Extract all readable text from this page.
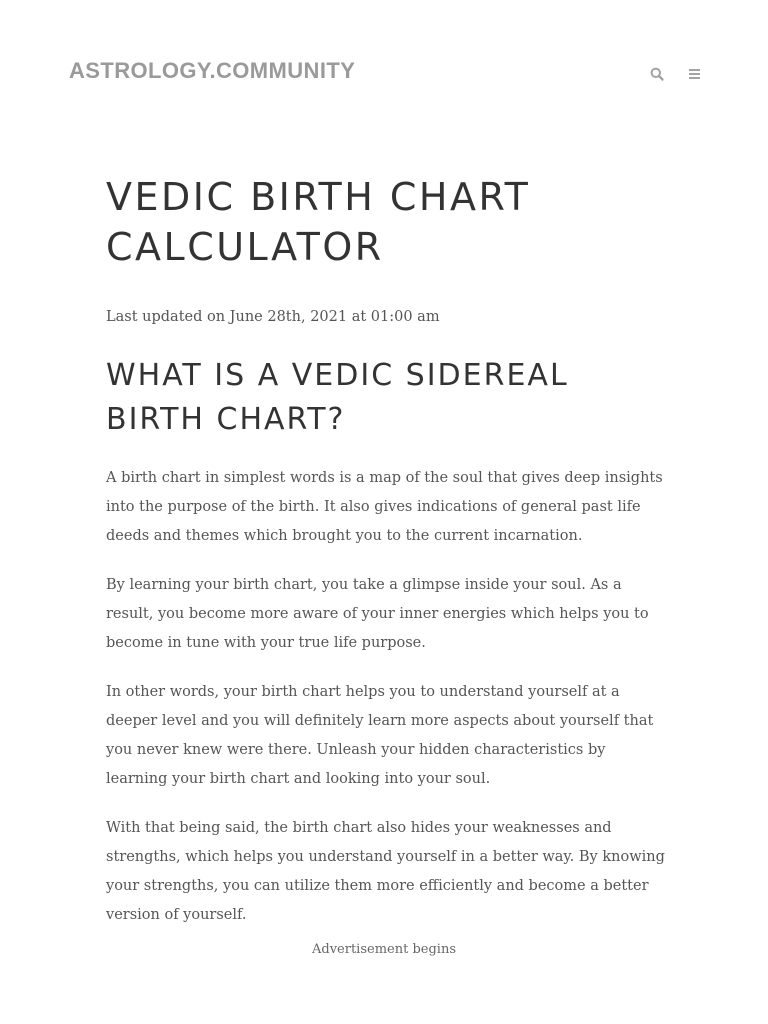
ASTROLOGY.COMMUNITY
VEDIC BIRTH CHART CALCULATOR

Last updated on June 28th, 2021 at 01:00 am

WHAT IS A VEDIC SIDEREAL BIRTH CHART?

A birth chart in simplest words is a map of the soul that gives deep insights into the purpose of the birth. It also gives indications of general past life deeds and themes which brought you to the current incarnation.

By learning your birth chart, you take a glimpse inside your soul. As a result, you become more aware of your inner energies which helps you to become in tune with your true life purpose.

In other words, your birth chart helps you to understand yourself at a deeper level and you will definitely learn more aspects about yourself that you never knew were there. Unleash your hidden characteristics by learning your birth chart and looking into your soul.

With that being said, the birth chart also hides your weaknesses and strengths, which helps you understand yourself in a better way. By knowing your strengths, you can utilize them more efficiently and become a better version of yourself.

Advertisement begins
